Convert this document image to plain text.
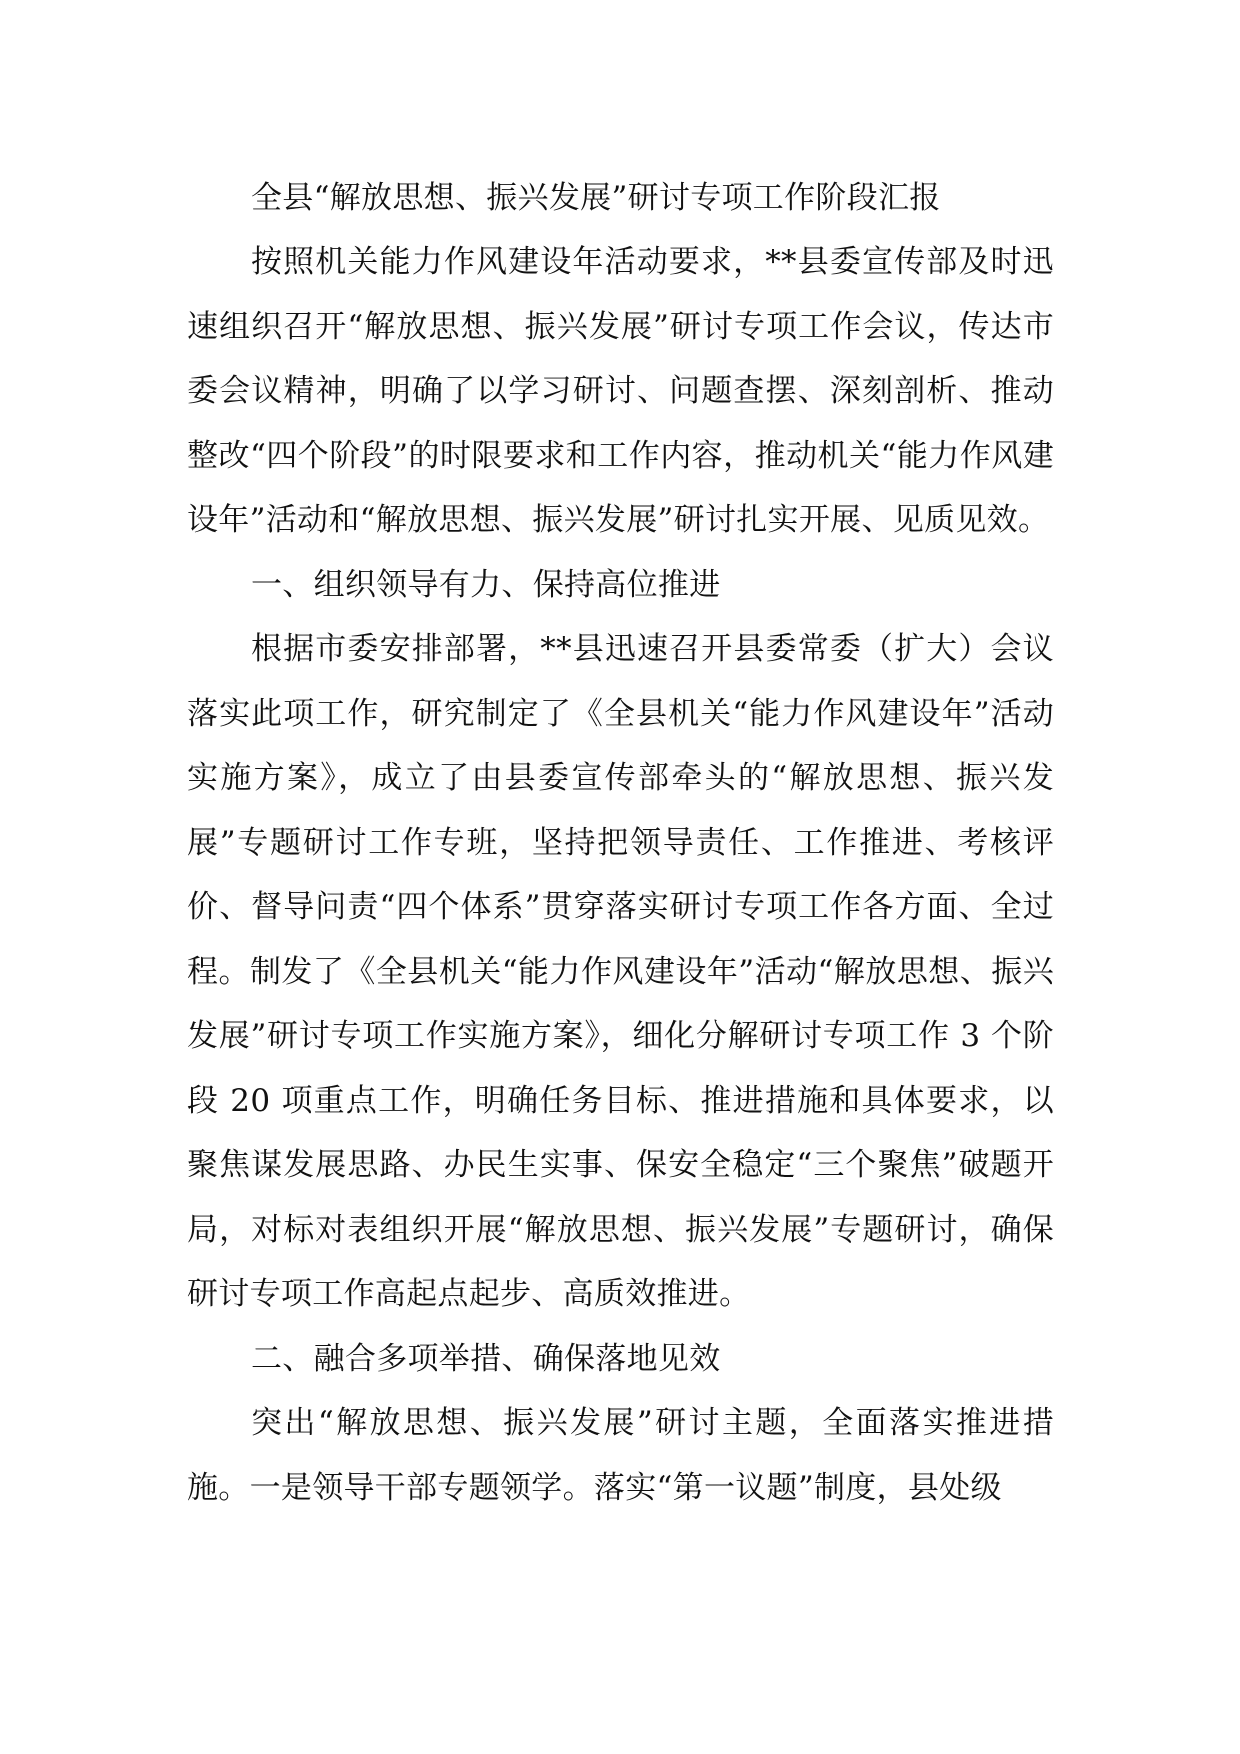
全县“解放思想、振兴发展”研讨专项工作阶段汇报

按照机关能力作风建设年活动要求，**县委宣传部及时迅速组织召开“解放思想、振兴发展”研讨专项工作会议，传达市委会议精神，明确了以学习研讨、问题查摆、深刻剖析、推动整改“四个阶段”的时限要求和工作内容，推动机关“能力作风建设年”活动和“解放思想、振兴发展”研讨扎实开展、见质见效。

一、组织领导有力、保持高位推进

根据市委安排部署，**县迅速召开县委常委（扩大）会议落实此项工作，研究制定了《全县机关“能力作风建设年”活动实施方案》，成立了由县委宣传部牵头的“解放思想、振兴发展”专题研讨工作专班，坚持把领导责任、工作推进、考核评价、督导问责“四个体系”贯穿落实研讨专项工作各方面、全过程。制发了《全县机关“能力作风建设年”活动“解放思想、振兴发展”研讨专项工作实施方案》，细化分解研讨专项工作 3 个阶段 20 项重点工作，明确任务目标、推进措施和具体要求，以聚焦谋发展思路、办民生实事、保安全稳定“三个聚焦”破题开局，对标对表组织开展“解放思想、振兴发展”专题研讨，确保研讨专项工作高起点起步、高质效推进。

二、融合多项举措、确保落地见效

突出“解放思想、振兴发展”研讨主题，全面落实推进措施。一是领导干部专题领学。落实“第一议题”制度，县处级
